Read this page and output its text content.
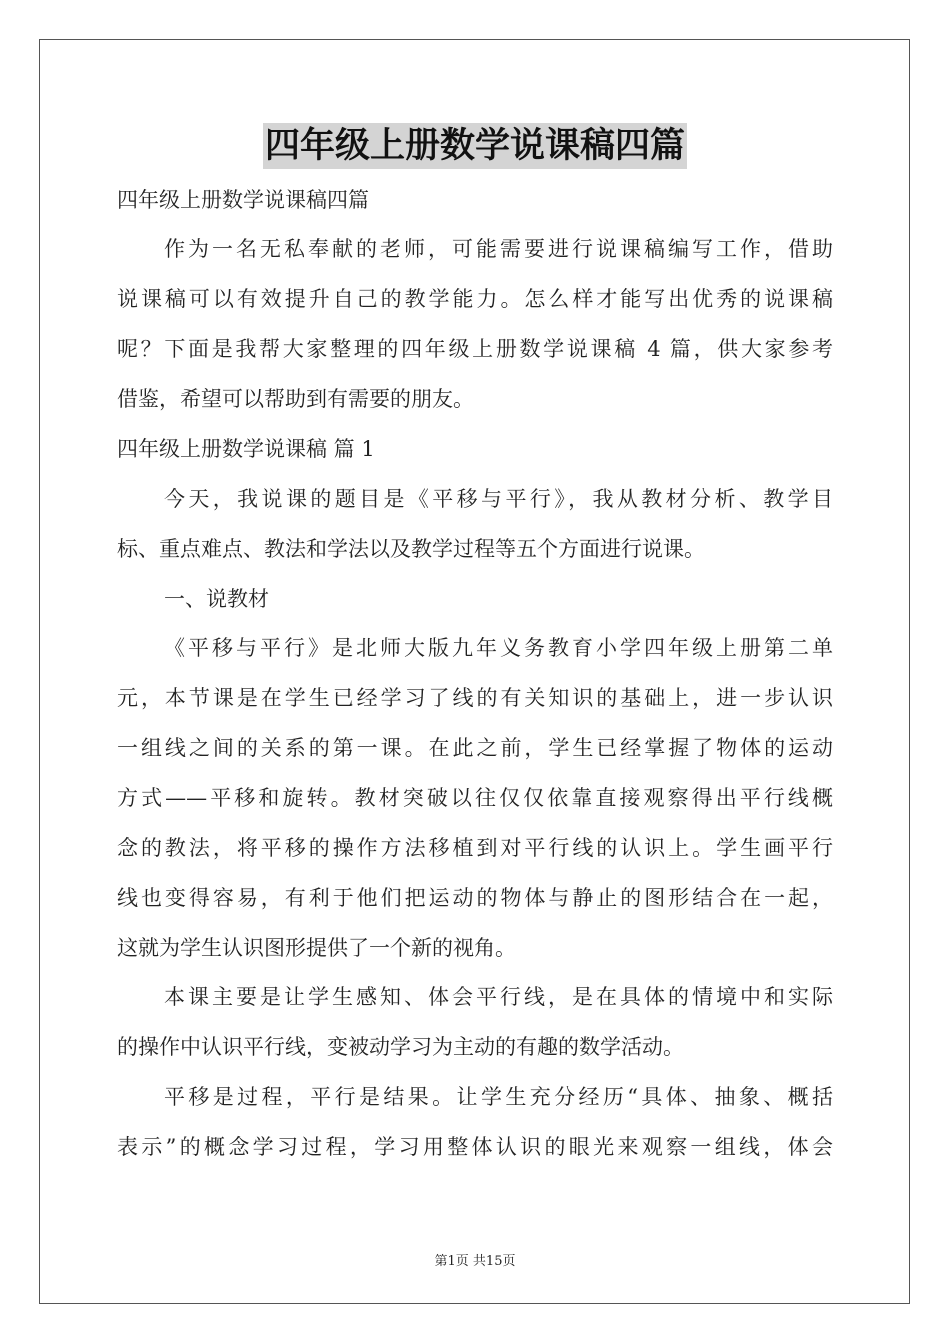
四年级上册数学说课稿四篇
四年级上册数学说课稿四篇
作为一名无私奉献的老师，可能需要进行说课稿编写工作，借助
说课稿可以有效提升自己的教学能力。怎么样才能写出优秀的说课稿
呢？下面是我帮大家整理的四年级上册数学说课稿 4 篇，供大家参考
借鉴，希望可以帮助到有需要的朋友。
四年级上册数学说课稿 篇 1
今天，我说课的题目是《平移与平行》，我从教材分析、教学目
标、重点难点、教法和学法以及教学过程等五个方面进行说课。
一、说教材
《平移与平行》是北师大版九年义务教育小学四年级上册第二单
元，本节课是在学生已经学习了线的有关知识的基础上，进一步认识
一组线之间的关系的第一课。在此之前，学生已经掌握了物体的运动
方式——平移和旋转。教材突破以往仅仅依靠直接观察得出平行线概
念的教法，将平移的操作方法移植到对平行线的认识上。学生画平行
线也变得容易，有利于他们把运动的物体与静止的图形结合在一起，
这就为学生认识图形提供了一个新的视角。
本课主要是让学生感知、体会平行线，是在具体的情境中和实际
的操作中认识平行线，变被动学习为主动的有趣的数学活动。
平移是过程，平行是结果。让学生充分经历“具体、抽象、概括
表示”的概念学习过程，学习用整体认识的眼光来观察一组线，体会
第1页 共15页
